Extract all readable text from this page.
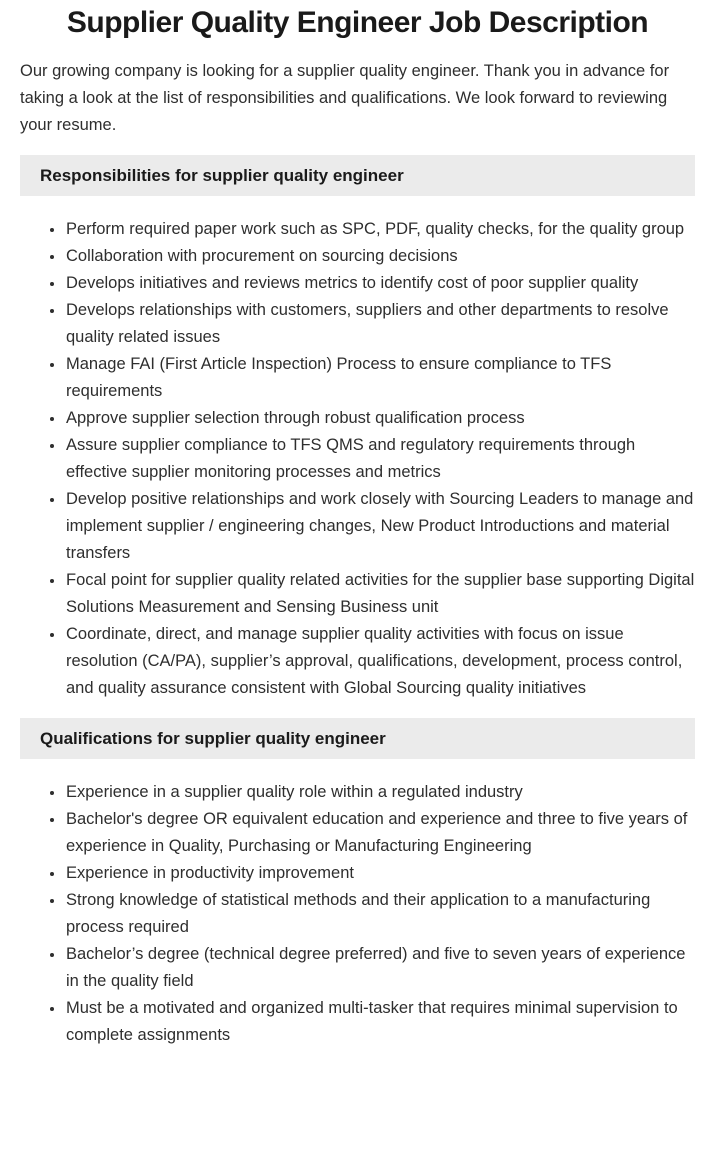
Supplier Quality Engineer Job Description

Our growing company is looking for a supplier quality engineer. Thank you in advance for taking a look at the list of responsibilities and qualifications. We look forward to reviewing your resume.

Responsibilities for supplier quality engineer
• Perform required paper work such as SPC, PDF, quality checks, for the quality group
• Collaboration with procurement on sourcing decisions
• Develops initiatives and reviews metrics to identify cost of poor supplier quality
• Develops relationships with customers, suppliers and other departments to resolve quality related issues
• Manage FAI (First Article Inspection) Process to ensure compliance to TFS requirements
• Approve supplier selection through robust qualification process
• Assure supplier compliance to TFS QMS and regulatory requirements through effective supplier monitoring processes and metrics
• Develop positive relationships and work closely with Sourcing Leaders to manage and implement supplier / engineering changes, New Product Introductions and material transfers
• Focal point for supplier quality related activities for the supplier base supporting Digital Solutions Measurement and Sensing Business unit
• Coordinate, direct, and manage supplier quality activities with focus on issue resolution (CA/PA), supplier’s approval, qualifications, development, process control, and quality assurance consistent with Global Sourcing quality initiatives
Qualifications for supplier quality engineer
• Experience in a supplier quality role within a regulated industry
• Bachelor's degree OR equivalent education and experience and three to five years of experience in Quality, Purchasing or Manufacturing Engineering
• Experience in productivity improvement
• Strong knowledge of statistical methods and their application to a manufacturing process required
• Bachelor’s degree (technical degree preferred) and five to seven years of experience in the quality field
• Must be a motivated and organized multi-tasker that requires minimal supervision to complete assignments
